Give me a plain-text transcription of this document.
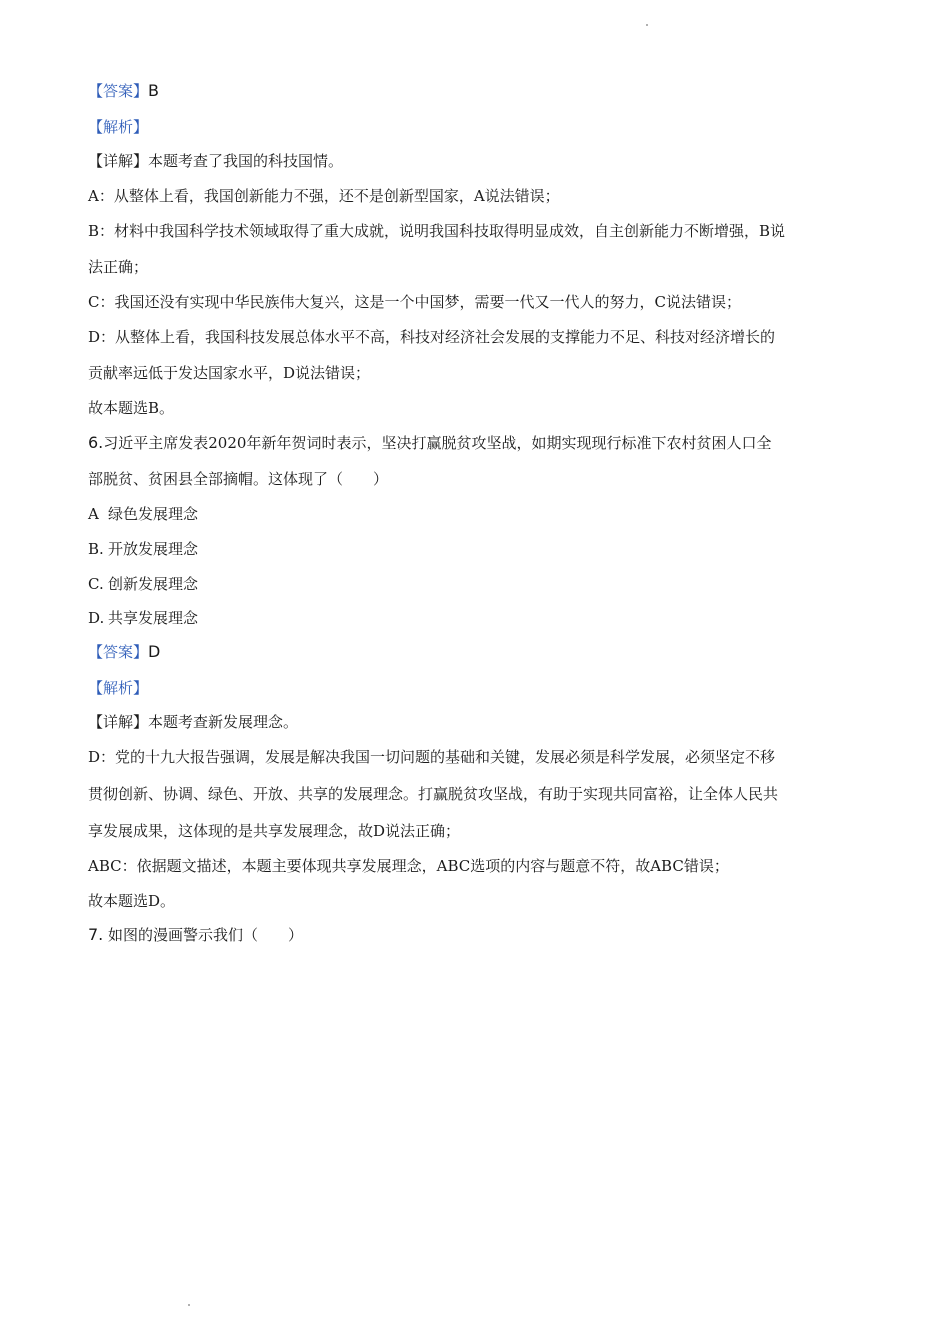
【答案】B
【解析】
【详解】本题考查了我国的科技国情。
A：从整体上看，我国创新能力不强，还不是创新型国家，A说法错误；
B：材料中我国科学技术领域取得了重大成就，说明我国科技取得明显成效，自主创新能力不断增强，B说
法正确；
C：我国还没有实现中华民族伟大复兴，这是一个中国梦，需要一代又一代人的努力，C说法错误；
D：从整体上看，我国科技发展总体水平不高，科技对经济社会发展的支撑能力不足、科技对经济增长的
贡献率远低于发达国家水平，D说法错误；
故本题选B。
6.习近平主席发表2020年新年贺词时表示，坚决打赢脱贫攻坚战，如期实现现行标准下农村贫困人口全
部脱贫、贫困县全部摘帽。这体现了（　　）
A 绿色发展理念
B. 开放发展理念
C. 创新发展理念
D. 共享发展理念
【答案】D
【解析】
【详解】本题考查新发展理念。
D：党的十九大报告强调，发展是解决我国一切问题的基础和关键，发展必须是科学发展，必须坚定不移
贯彻创新、协调、绿色、开放、共享的发展理念。打赢脱贫攻坚战，有助于实现共同富裕，让全体人民共
享发展成果，这体现的是共享发展理念，故D说法正确；
ABC：依据题文描述，本题主要体现共享发展理念，ABC选项的内容与题意不符，故ABC错误；
故本题选D。
7. 如图的漫画警示我们（　　）
